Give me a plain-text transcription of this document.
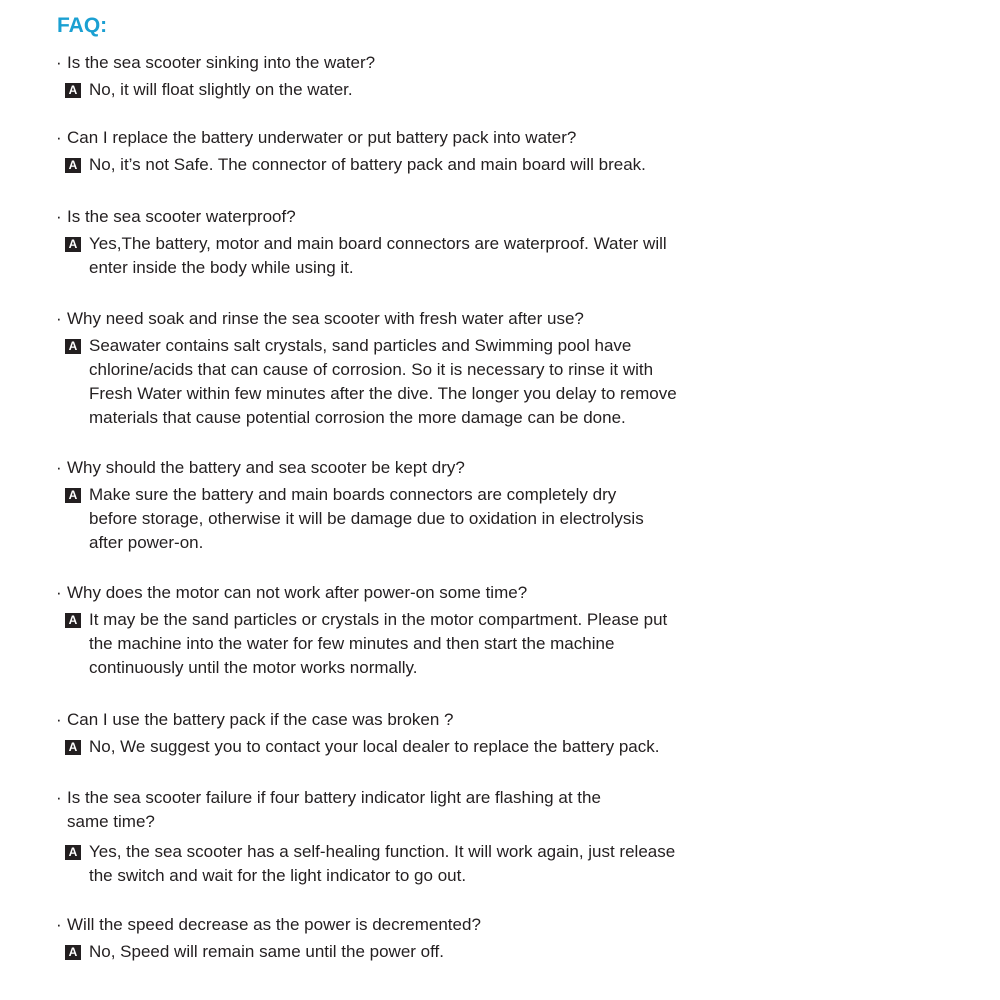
FAQ:
· Is the sea scooter sinking into the water?
A No, it will float slightly on the water.
· Can I replace the battery underwater or put battery pack into water?
A No, it’s not Safe. The connector of battery pack and main board will break.
· Is the sea scooter waterproof?
A Yes,The battery, motor and main board connectors are waterproof. Water will
enter inside the body while using it.
· Why need soak and rinse the sea scooter with fresh water after use?
A Seawater contains salt crystals, sand particles and Swimming pool have
chlorine/acids that can cause of corrosion. So it is necessary to rinse it with
Fresh Water within few minutes after the dive. The longer you delay to remove
materials that cause potential corrosion the more damage can be done.
· Why should the battery and sea scooter be kept dry?
A Make sure the battery and main boards connectors are completely dry
before storage, otherwise it will be damage due to oxidation in electrolysis
after power-on.
· Why does the motor can not work after power-on some time?
A It may be the sand particles or crystals in the motor compartment. Please put
the machine into the water for few minutes and then start the machine
continuously until the motor works normally.
· Can I use the battery pack if the case was broken ?
A No, We suggest you to contact your local dealer to replace the battery pack.
· Is the sea scooter failure if four battery indicator light are flashing at the
same time?
A Yes, the sea scooter has a self-healing function. It will work again, just release
the switch and wait for the light indicator to go out.
· Will the speed decrease as the power is decremented?
A No, Speed will remain same until the power off.
